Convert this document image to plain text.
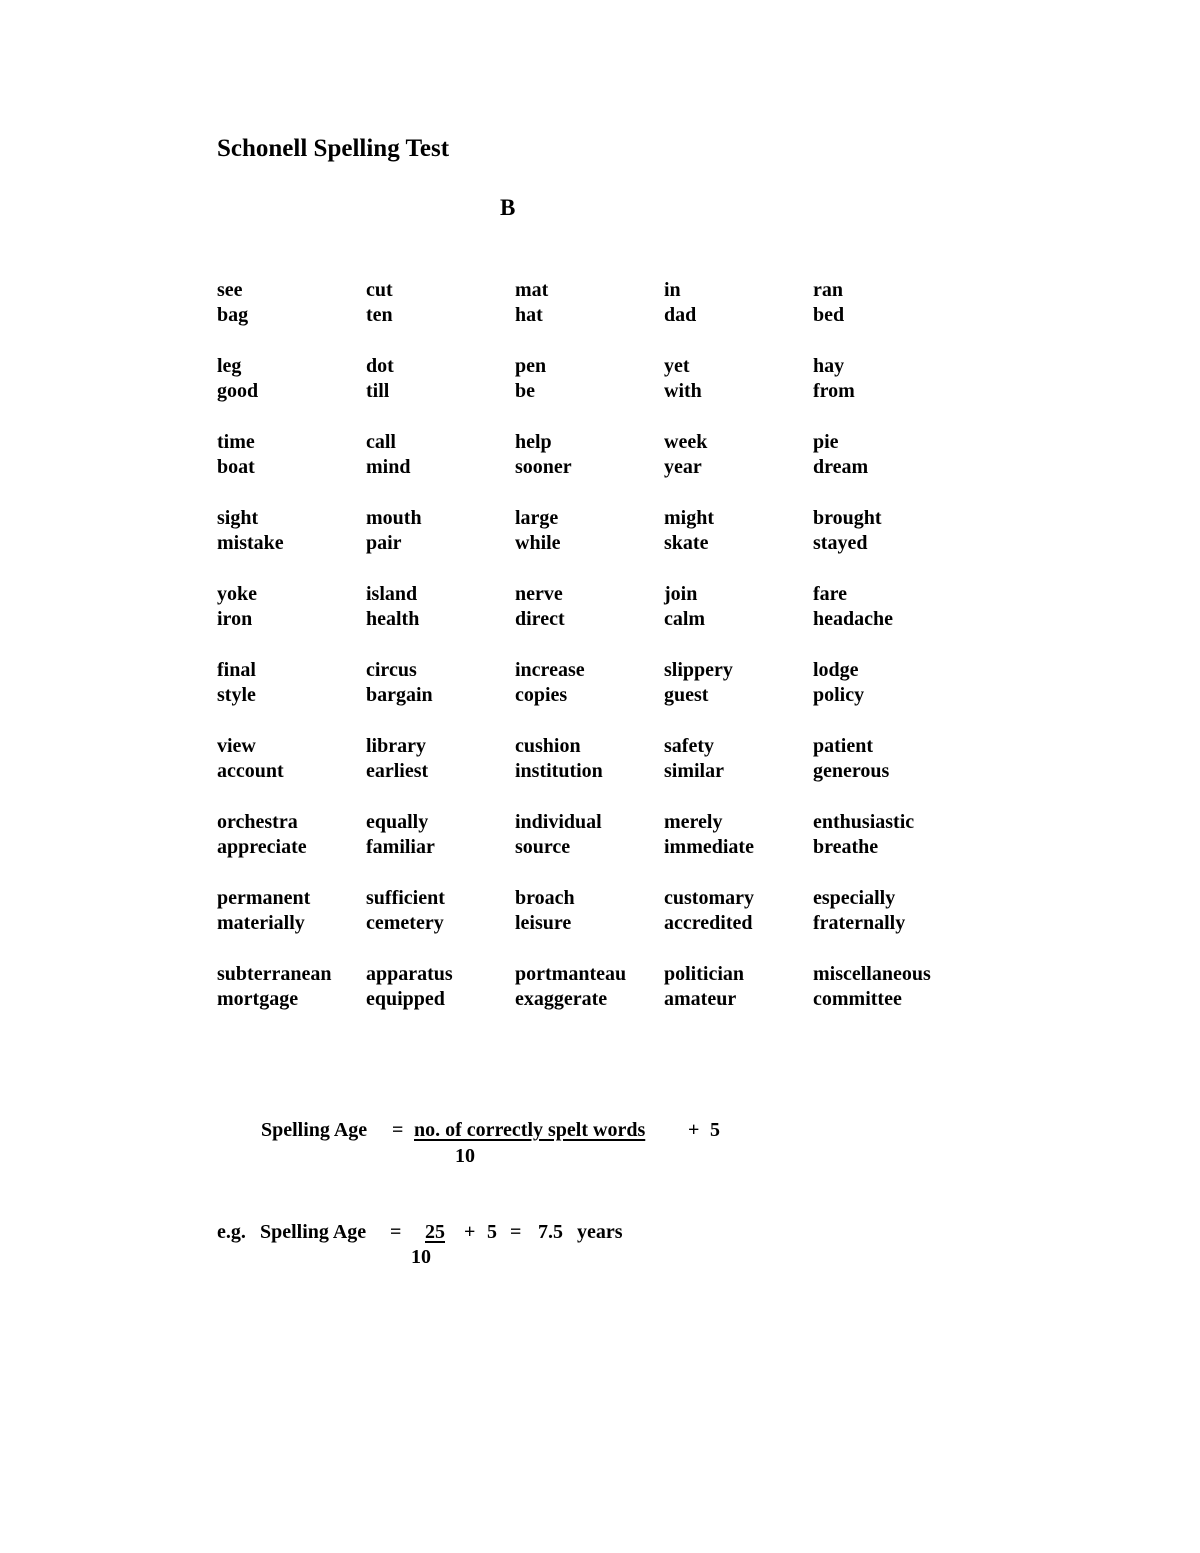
Schonell Spelling Test
B
see	cut	mat	in	ran
bag	ten	hat	dad	bed
leg	dot	pen	yet	hay
good	till	be	with	from
time	call	help	week	pie
boat	mind	sooner	year	dream
sight	mouth	large	might	brought
mistake	pair	while	skate	stayed
yoke	island	nerve	join	fare
iron	health	direct	calm	headache
final	circus	increase	slippery	lodge
style	bargain	copies	guest	policy
view	library	cushion	safety	patient
account	earliest	institution	similar	generous
orchestra	equally	individual	merely	enthusiastic
appreciate	familiar	source	immediate	breathe
permanent	sufficient	broach	customary	especially
materially	cemetery	leisure	accredited	fraternally
subterranean	apparatus	portmanteau	politician	miscellaneous
mortgage	equipped	exaggerate	amateur	committee
Spelling Age = no. of correctly spelt words + 5
10
e.g. Spelling Age = 25 + 5 = 7.5 years
10
